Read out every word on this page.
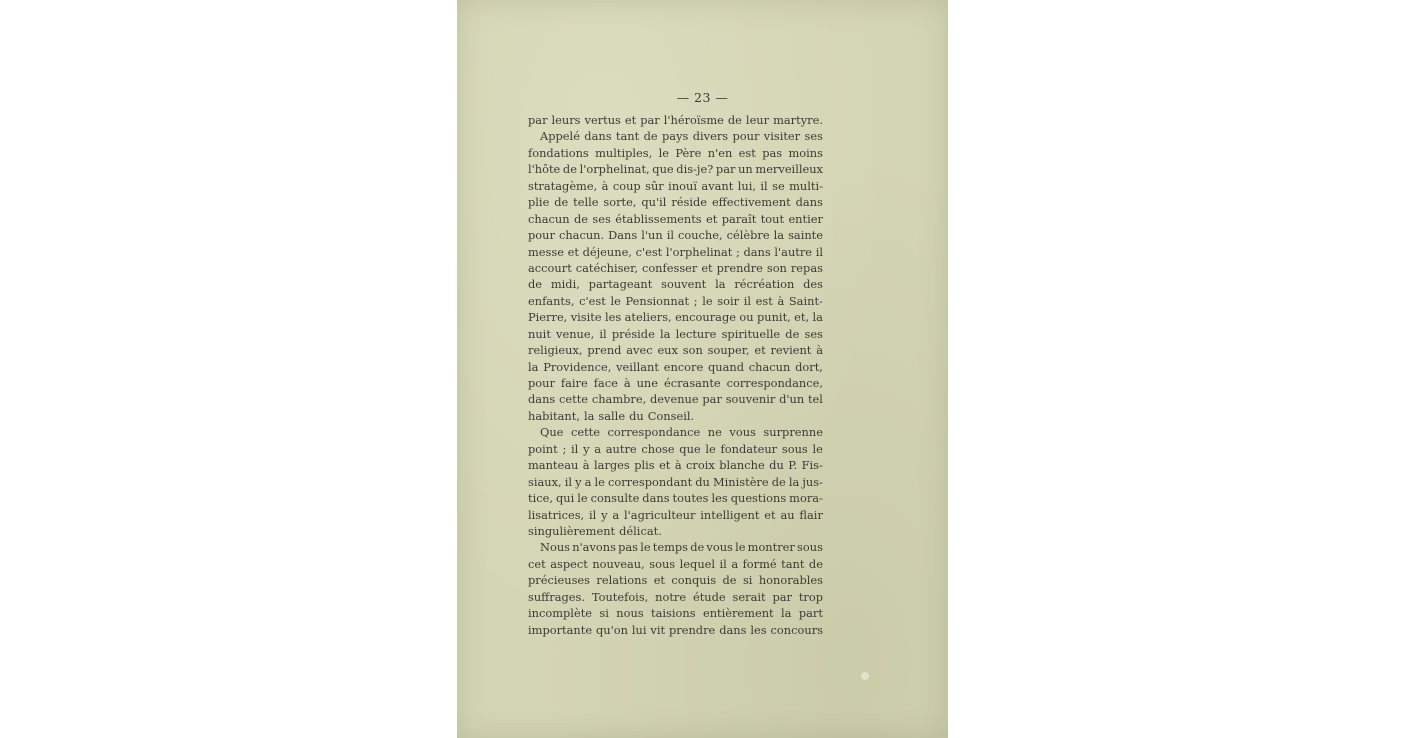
— 23 —
par leurs vertus et par l'héroïsme de leur martyre.
Appelé dans tant de pays divers pour visiter ses
fondations multiples, le Père n'en est pas moins
l'hôte de l'orphelinat, que dis-je? par un merveilleux
stratagème, à coup sûr inouï avant lui, il se multi-
plie de telle sorte, qu'il réside effectivement dans
chacun de ses établissements et paraît tout entier
pour chacun. Dans l'un il couche, célèbre la sainte
messe et déjeune, c'est l'orphelinat ; dans l'autre il
accourt catéchiser, confesser et prendre son repas
de midi, partageant souvent la récréation des
enfants, c'est le Pensionnat ; le soir il est à Saint-
Pierre, visite les ateliers, encourage ou punit, et, la
nuit venue, il préside la lecture spirituelle de ses
religieux, prend avec eux son souper, et revient à
la Providence, veillant encore quand chacun dort,
pour faire face à une écrasante correspondance,
dans cette chambre, devenue par souvenir d'un tel
habitant, la salle du Conseil.
Que cette correspondance ne vous surprenne
point ; il y a autre chose que le fondateur sous le
manteau à larges plis et à croix blanche du P. Fis-
siaux, il y a le correspondant du Ministère de la jus-
tice, qui le consulte dans toutes les questions mora-
lisatrices, il y a l'agriculteur intelligent et au flair
singulièrement délicat.
Nous n'avons pas le temps de vous le montrer sous
cet aspect nouveau, sous lequel il a formé tant de
précieuses relations et conquis de si honorables
suffrages. Toutefois, notre étude serait par trop
incomplète si nous taisions entièrement la part
importante qu'on lui vit prendre dans les concours
